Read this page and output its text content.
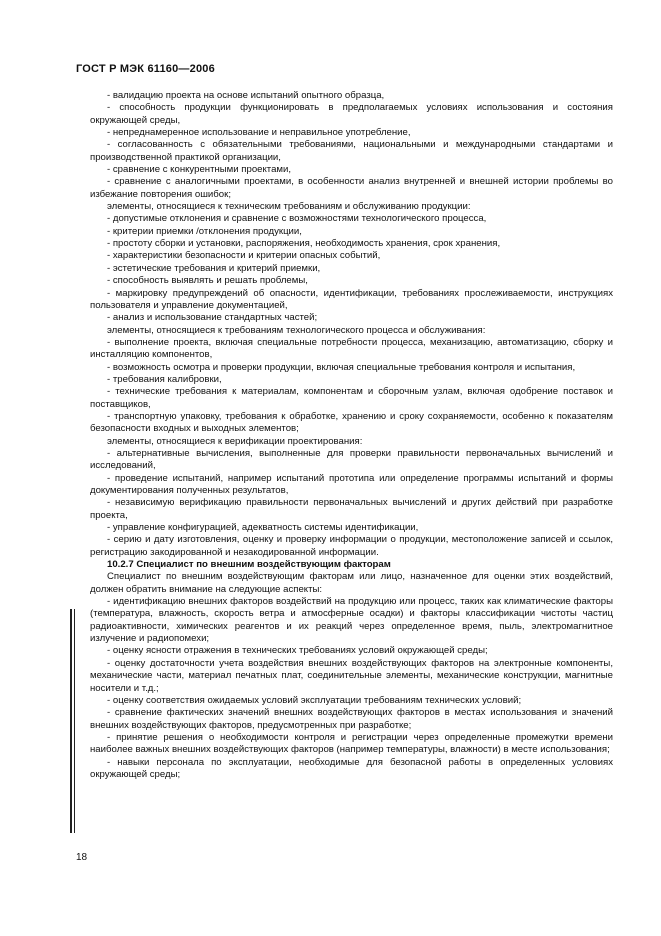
ГОСТ Р МЭК 61160—2006

- валидацию проекта на основе испытаний опытного образца,

- способность продукции функционировать в предполагаемых условиях использования и состояния окружающей среды,

- непреднамеренное использование и неправильное употребление,

- согласованность с обязательными требованиями, национальными и международными стандартами и производственной практикой организации,

- сравнение с конкурентными проектами,

- сравнение с аналогичными проектами, в особенности анализ внутренней и внешней истории проблемы во избежание повторения ошибок;

элементы, относящиеся к техническим требованиям и обслуживанию продукции:

- допустимые отклонения и сравнение с возможностями технологического процесса,

- критерии приемки /отклонения продукции,

- простоту сборки и установки, распоряжения, необходимость хранения, срок хранения,

- характеристики безопасности и критерии опасных событий,

- эстетические требования и критерий приемки,

- способность выявлять и решать проблемы,

- маркировку предупреждений об опасности, идентификации, требованиях прослеживаемости, инструкциях пользователя и управление документацией,

- анализ и использование стандартных частей;

элементы, относящиеся к требованиям технологического процесса и обслуживания:

- выполнение проекта, включая специальные потребности процесса, механизацию, автоматизацию, сборку и инсталляцию компонентов,

- возможность осмотра и проверки продукции, включая специальные требования контроля и испытания,

- требования калибровки,

- технические требования к материалам, компонентам и сборочным узлам, включая одобрение поставок и поставщиков,

- транспортную упаковку, требования к обработке, хранению и сроку сохраняемости, особенно к показателям безопасности входных и выходных элементов;

элементы, относящиеся к верификации проектирования:

- альтернативные вычисления, выполненные для проверки правильности первоначальных вычислений и исследований,

- проведение испытаний, например испытаний прототипа или определение программы испытаний и формы документирования полученных результатов,

- независимую верификацию правильности первоначальных вычислений и других действий при разработке проекта,

- управление конфигурацией, адекватность системы идентификации,

- серию и дату изготовления, оценку и проверку информации о продукции, местоположение записей и ссылок, регистрацию закодированной и незакодированной информации.

10.2.7 Специалист по внешним воздействующим факторам

Специалист по внешним воздействующим факторам или лицо, назначенное для оценки этих воздействий, должен обратить внимание на следующие аспекты:

- идентификацию внешних факторов воздействий на продукцию или процесс, таких как климатические факторы (температура, влажность, скорость ветра и атмосферные осадки) и факторы классификации чистоты частиц радиоактивности, химических реагентов и их реакций через определенное время, пыль, электромагнитное излучение и радиопомехи;

- оценку ясности отражения в технических требованиях условий окружающей среды;

- оценку достаточности учета воздействия внешних воздействующих факторов на электронные компоненты, механические части, материал печатных плат, соединительные элементы, механические конструкции, магнитные носители и т.д.;

- оценку соответствия ожидаемых условий эксплуатации требованиям технических условий;

- сравнение фактических значений внешних воздействующих факторов в местах использования и значений внешних воздействующих факторов, предусмотренных при разработке;

- принятие решения о необходимости контроля и регистрации через определенные промежутки времени наиболее важных внешних воздействующих факторов (например температуры, влажности) в месте использования;

- навыки персонала по эксплуатации, необходимые для безопасной работы в определенных условиях окружающей среды;

18
